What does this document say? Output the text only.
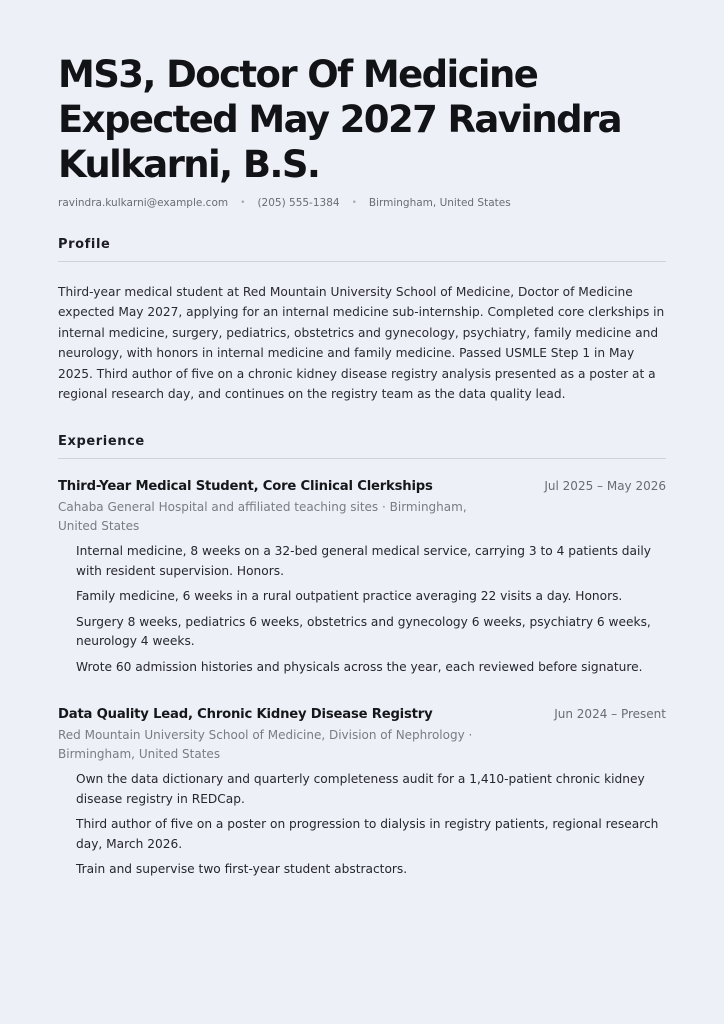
MS3, Doctor Of Medicine Expected May 2027 Ravindra Kulkarni, B.S.
ravindra.kulkarni@example.com • (205) 555-1384 • Birmingham, United States
Profile

Third-year medical student at Red Mountain University School of Medicine, Doctor of Medicine expected May 2027, applying for an internal medicine sub-internship. Completed core clerkships in internal medicine, surgery, pediatrics, obstetrics and gynecology, psychiatry, family medicine and neurology, with honors in internal medicine and family medicine. Passed USMLE Step 1 in May 2025. Third author of five on a chronic kidney disease registry analysis presented as a poster at a regional research day, and continues on the registry team as the data quality lead.

Experience
Third-Year Medical Student, Core Clinical Clerkships	Jul 2025 – May 2026
Cahaba General Hospital and affiliated teaching sites · Birmingham, United States
Internal medicine, 8 weeks on a 32-bed general medical service, carrying 3 to 4 patients daily with resident supervision. Honors.
Family medicine, 6 weeks in a rural outpatient practice averaging 22 visits a day. Honors.
Surgery 8 weeks, pediatrics 6 weeks, obstetrics and gynecology 6 weeks, psychiatry 6 weeks, neurology 4 weeks.
Wrote 60 admission histories and physicals across the year, each reviewed before signature.
Data Quality Lead, Chronic Kidney Disease Registry	Jun 2024 – Present
Red Mountain University School of Medicine, Division of Nephrology · Birmingham, United States
Own the data dictionary and quarterly completeness audit for a 1,410-patient chronic kidney disease registry in REDCap.
Third author of five on a poster on progression to dialysis in registry patients, regional research day, March 2026.
Train and supervise two first-year student abstractors.
